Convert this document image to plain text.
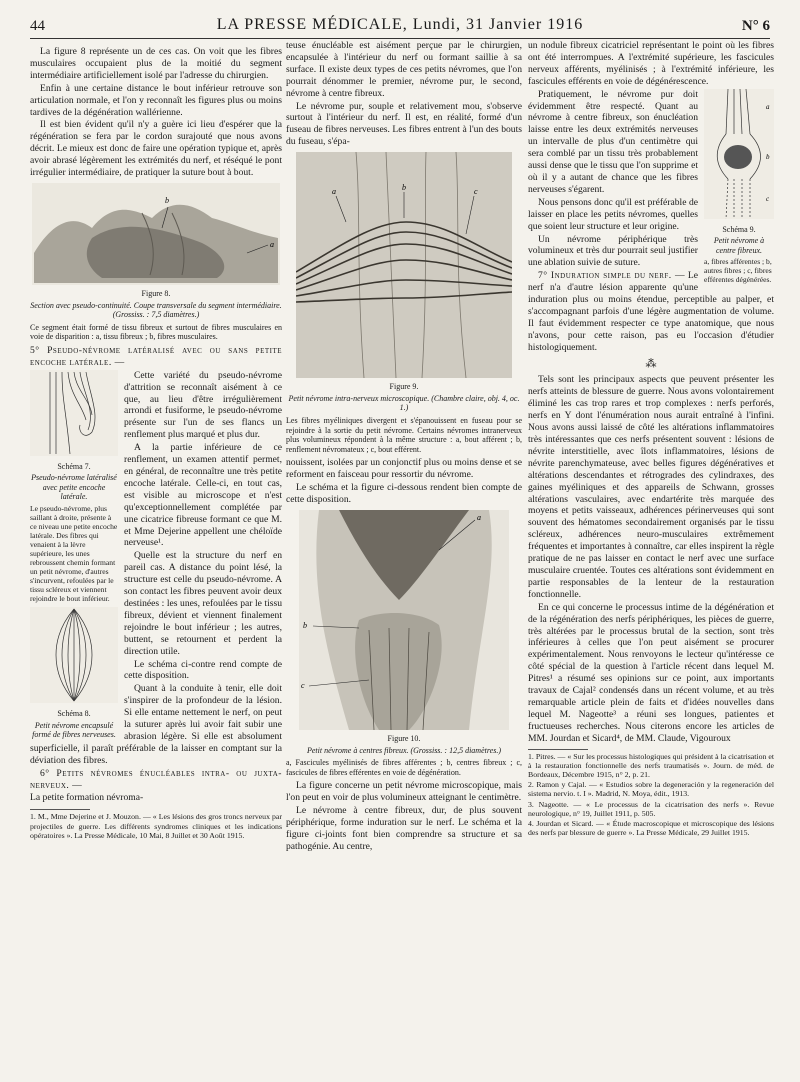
44	LA PRESSE MÉDICALE, Lundi, 31 Janvier 1916	N° 6

La figure 8 représente un de ces cas. On voit que les fibres musculaires occupaient plus de la moitié du segment intermédiaire artificiellement isolé par l'adresse du chirurgien.

Enfin à une certaine distance le bout inférieur retrouve son articulation normale, et l'on y reconnaît les figures plus ou moins tardives de la dégénération wallérienne.

Il est bien évident qu'il n'y a guère ici lieu d'espérer que la régénération se fera par le cordon surajouté que nous avons décrit. Le mieux est donc de faire une opération typique et, après avoir abrasé légèrement les extrémités du nerf, et réséqué le pont irrégulier intermédiaire, de pratiquer la suture bout à bout.

b
a
Figure 8.
Section avec pseudo-continuité. Coupe transversale du segment intermédiaire. (Grossiss. : 7,5 diamètres.)
Ce segment était formé de tissu fibreux et surtout de fibres musculaires en voie de disparition : a, tissu fibreux ; b, fibres musculaires.

5° Pseudo-névrome latéralisé avec ou sans petite encoche latérale. —

Schéma 7.
Pseudo-névrome latéralisé avec petite encoche latérale.
Le pseudo-névrome, plus saillant à droite, présente à ce niveau une petite encoche latérale. Des fibres qui venaient à la lèvre supérieure, les unes rebroussent chemin formant un petit névrome, d'autres s'incurvent, refoulées par le tissu scléreux et viennent rejoindre le bout inférieur.
Schéma 8.
Petit névrome encapsulé formé de fibres nerveuses.

Cette variété du pseudo-névrome d'attrition se reconnaît aisément à ce que, au lieu d'être irrégulièrement arrondi et fusiforme, le pseudo-névrome présente sur l'un de ses flancs un renflement plus marqué et plus dur.

A la partie inférieure de ce renflement, un examen attentif permet, en général, de reconnaître une très petite encoche latérale. Celle-ci, en tout cas, est visible au microscope et n'est qu'exceptionnellement complétée par une cicatrice fibreuse formant ce que M. et Mme Dejerine appellent une chéloïde nerveuse¹.

Quelle est la structure du nerf en pareil cas. A distance du point lésé, la structure est celle du pseudo-névrome. A son contact les fibres peuvent avoir deux destinées : les unes, refoulées par le tissu fibreux, dévient et viennent finalement rejoindre le bout inférieur ; les autres, buttent, se retournent et perdent la direction utile.

Le schéma ci-contre rend compte de cette disposition.

Quant à la conduite à tenir, elle doit s'inspirer de la profondeur de la lésion. Si elle entame nettement le nerf, on peut la suturer après lui avoir fait subir une abrasion légère. Si elle est absolument superficielle, il paraît préférable de la laisser en comptant sur la déviation des fibres.

6° Petits névromes énucléables intra- ou juxta-nerveux. —

La petite formation névroma-

1. M., Mme Dejerine et J. Mouzon. — « Les lésions des gros troncs nerveux par projectiles de guerre. Les différents syndromes cliniques et les indications opératoires ». La Presse Médicale, 10 Mai, 8 Juillet et 30 Août 1915.

teuse énucléable est aisément perçue par le chirurgien, encapsulée à l'intérieur du nerf ou formant saillie à sa surface. Il existe deux types de ces petits névromes, que l'on pourrait dénommer le premier, névrome pur, le second, névrome à centre fibreux.

Le névrome pur, souple et relativement mou, s'observe surtout à l'intérieur du nerf. Il est, en réalité, formé d'un fuseau de fibres nerveuses. Les fibres entrent à l'un des bouts du fuseau, s'épa-

a	b	c
Figure 9.
Petit névrome intra-nerveux microscopique. (Chambre claire, obj. 4, oc. 1.)
Les fibres myéliniques divergent et s'épanouissent en fuseau pour se rejoindre à la sortie du petit névrome. Certains névromes intranerveux plus volumineux répondent à la même structure : a, bout afférent ; b, renflement névromateux ; c, bout efférent.

nouissent, isolées par un conjonctif plus ou moins dense et se reforment en faisceau pour ressortir du névrome.

Le schéma et la figure ci-dessous rendent bien compte de cette disposition.

a
b
c
Figure 10.
Petit névrome à centres fibreux. (Grossiss. : 12,5 diamètres.)
a, Fascicules myélinisés de fibres afférentes ; b, centres fibreux ; c, fascicules de fibres efférentes en voie de dégénération.

La figure concerne un petit névrome microscopique, mais l'on peut en voir de plus volumineux atteignant le centimètre.

Le névrome à centre fibreux, dur, de plus souvent périphérique, forme induration sur le nerf. Le schéma et la figure ci-joints font bien comprendre sa structure et sa pathogénie. Au centre,

un nodule fibreux cicatriciel représentant le point où les fibres ont été interrompues. A l'extrémité supérieure, les fascicules nerveux afférents, myélinisés ; à l'extrémité inférieure, les fascicules efférents en voie de dégénérescence.

a
b
c
Schéma 9.
Petit névrome à centre fibreux.
a, fibres afférentes ; b, autres fibres ; c, fibres efférentes dégénérées.

Pratiquement, le névrome pur doit évidemment être respecté. Quant au névrome à centre fibreux, son énucléation laisse entre les deux extrémités nerveuses un intervalle de plus d'un centimètre qui sera comblé par un tissu très probablement aussi dense que le tissu que l'on supprime et où il y a autant de chance que les fibres nerveuses s'égarent.

Nous pensons donc qu'il est préférable de laisser en place les petits névromes, quelles que soient leur structure et leur origine.

Un névrome périphérique très volumineux et très dur pourrait seul justifier une ablation suivie de suture.

7° Induration simple du nerf. — Le nerf n'a d'autre lésion apparente qu'une induration plus ou moins étendue, perceptible au palper, et s'accompagnant parfois d'une légère augmentation de volume. Il faut évidemment respecter ce type anatomique, que nous n'avons, pour cette raison, pas eu l'occasion d'étudier histologiquement.

⁂

Tels sont les principaux aspects que peuvent présenter les nerfs atteints de blessure de guerre. Nous avons volontairement éliminé les cas trop rares et trop complexes : nerfs perforés, nerfs en Y dont l'énumération nous aurait entraîné à l'infini. Nous avons aussi laissé de côté les altérations inflammatoires très intéressantes que ces nerfs présentent souvent : lésions de névrite interstitielle, avec îlots inflammatoires, lésions de névrite parenchymateuse, avec belles figures dégénératives et altérations descendantes et rétrogrades des cylindraxes, des gaines myéliniques et des appareils de Schwann, grosses altérations vasculaires, avec endartérite très marquée des moyens et petits vaisseaux, adhérences périnerveuses qui sont souvent des hématomes secondairement organisés par le tissu scléreux, adhérences neuro-musculaires extrêmement fréquentes et importantes à connaître, car elles inspirent la règle pratique de ne pas laisser en contact le nerf avec une surface musculaire cruentée. Toutes ces altérations sont évidemment en partie responsables de la lenteur de la restauration fonctionnelle.

En ce qui concerne le processus intime de la dégénération et de la régénération des nerfs périphériques, les pièces de guerre, très altérées par le processus brutal de la section, sont très inférieures à celles que l'on peut aisément se procurer expérimentalement. Nous renvoyons le lecteur qu'intéresse ce côté spécial de la question à l'article récent dans lequel M. Pitres¹ a résumé ses opinions sur ce point, aux importants travaux de Cajal² condensés dans un récent volume, et au très remarquable article plein de faits et d'idées nouvelles dans lequel M. Nageotte³ a réuni ses longues, patientes et fructueuses recherches. Nous citerons encore les articles de MM. Jourdan et Sicard⁴, de MM. Claude, Vigouroux

1. Pitres. — « Sur les processus histologiques qui président à la cicatrisation et à la restauration fonctionnelle des nerfs traumatisés ». Journ. de méd. de Bordeaux, Décembre 1915, n° 2, p. 21.
2. Ramon y Cajal. — « Estudios sobre la degeneración y la regeneración del sistema nervio. t. I ». Madrid, N. Moya, édit., 1913.
3. Nageotte. — « Le processus de la cicatrisation des nerfs ». Revue neurologique, n° 19, Juillet 1911, p. 505.
4. Jourdan et Sicard. — « Étude macroscopique et microscopique des lésions des nerfs par blessure de guerre ». La Presse Médicale, 29 Juillet 1915.
